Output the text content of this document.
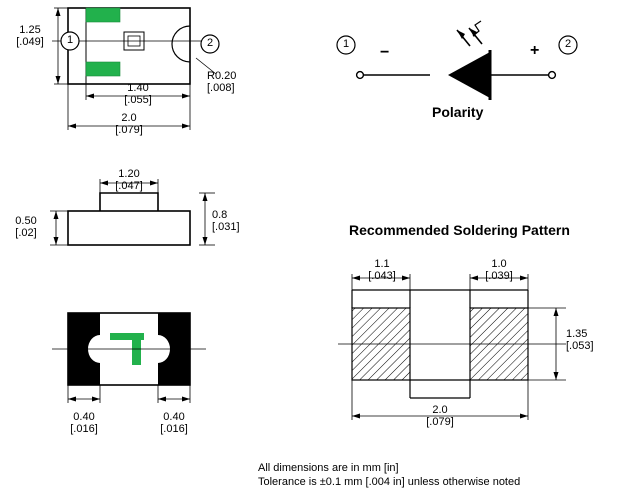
1.25
[.049]	1	2
1.40
[.055]
2.0
[.079]
R0.20
[.008]
1.20
[.047]
0.50
[.02]
0.8
[.031]
0.40
[.016]
0.40
[.016]
1	2
−	+
Polarity
Recommended Soldering Pattern
1.1
[.043]
1.0
[.039]
1.35
[.053]
2.0
[.079]
All dimensions are in mm [in]
Tolerance is ±0.1 mm [.004 in] unless otherwise noted
